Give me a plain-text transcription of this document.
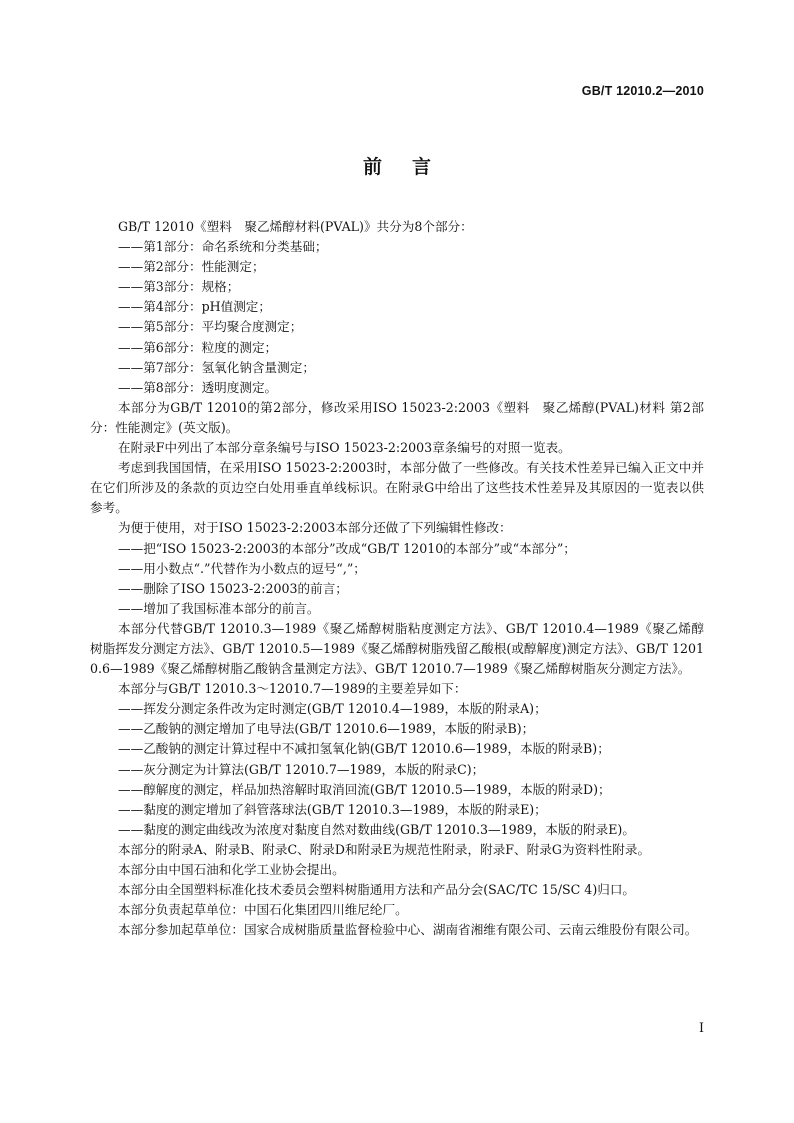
GB/T 12010.2—2010
前言

GB/T 12010《塑料　聚乙烯醇材料(PVAL)》共分为8个部分：

——第1部分：命名系统和分类基础；

——第2部分：性能测定；

——第3部分：规格；

——第4部分：pH值测定；

——第5部分：平均聚合度测定；

——第6部分：粒度的测定；

——第7部分：氢氧化钠含量测定；

——第8部分：透明度测定。

本部分为GB/T 12010的第2部分，修改采用ISO 15023-2:2003《塑料　聚乙烯醇(PVAL)材料 第2部分：性能测定》(英文版)。

在附录F中列出了本部分章条编号与ISO 15023-2:2003章条编号的对照一览表。

考虑到我国国情，在采用ISO 15023-2:2003时，本部分做了一些修改。有关技术性差异已编入正文中并在它们所涉及的条款的页边空白处用垂直单线标识。在附录G中给出了这些技术性差异及其原因的一览表以供参考。

为便于使用，对于ISO 15023-2:2003本部分还做了下列编辑性修改：

——把“ISO 15023-2:2003的本部分”改成“GB/T 12010的本部分”或“本部分”；

——用小数点“.”代替作为小数点的逗号“,”；

——删除了ISO 15023-2:2003的前言；

——增加了我国标准本部分的前言。

本部分代替GB/T 12010.3—1989《聚乙烯醇树脂粘度测定方法》、GB/T 12010.4—1989《聚乙烯醇树脂挥发分测定方法》、GB/T 12010.5—1989《聚乙烯醇树脂残留乙酸根(或醇解度)测定方法》、GB/T 12010.6—1989《聚乙烯醇树脂乙酸钠含量测定方法》、GB/T 12010.7—1989《聚乙烯醇树脂灰分测定方法》。

本部分与GB/T 12010.3～12010.7—1989的主要差异如下：

——挥发分测定条件改为定时测定(GB/T 12010.4—1989，本版的附录A)；

——乙酸钠的测定增加了电导法(GB/T 12010.6—1989，本版的附录B)；

——乙酸钠的测定计算过程中不减扣氢氧化钠(GB/T 12010.6—1989，本版的附录B)；

——灰分测定为计算法(GB/T 12010.7—1989，本版的附录C)；

——醇解度的测定，样品加热溶解时取消回流(GB/T 12010.5—1989，本版的附录D)；

——黏度的测定增加了斜管落球法(GB/T 12010.3—1989，本版的附录E)；

——黏度的测定曲线改为浓度对黏度自然对数曲线(GB/T 12010.3—1989，本版的附录E)。

本部分的附录A、附录B、附录C、附录D和附录E为规范性附录，附录F、附录G为资料性附录。

本部分由中国石油和化学工业协会提出。

本部分由全国塑料标准化技术委员会塑料树脂通用方法和产品分会(SAC/TC 15/SC 4)归口。

本部分负责起草单位：中国石化集团四川维尼纶厂。

本部分参加起草单位：国家合成树脂质量监督检验中心、湖南省湘维有限公司、云南云维股份有限公司。

I
